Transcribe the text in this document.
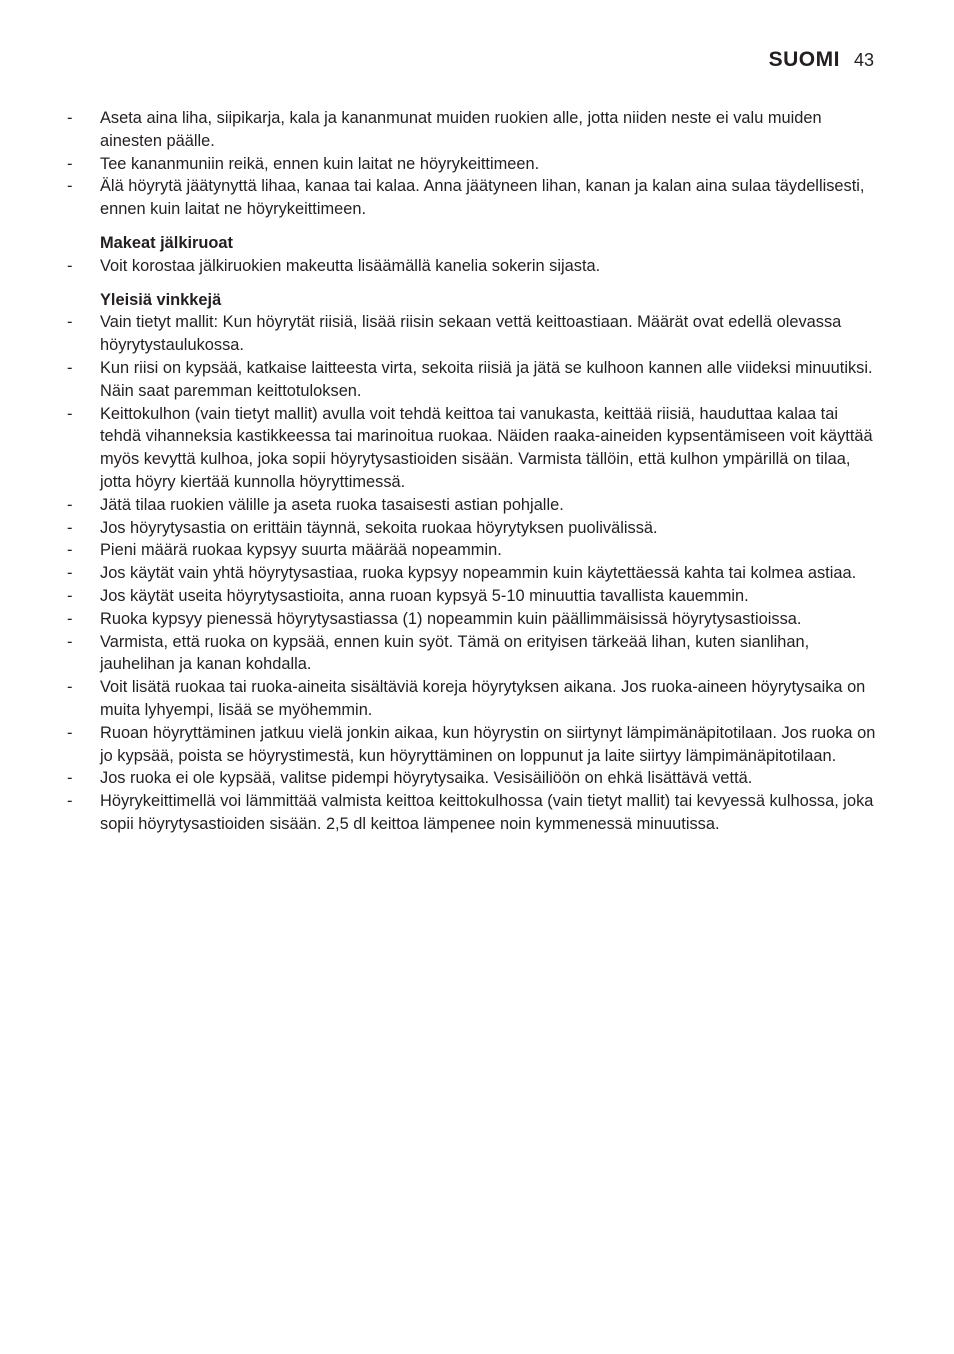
SUOMI 43
- Aseta aina liha, siipikarja, kala ja kananmunat muiden ruokien alle, jotta niiden neste ei valu muiden ainesten päälle.
- Tee kananmuniin reikä, ennen kuin laitat ne höyrykeittimeen.
- Älä höyrytä jäätynyttä lihaa, kanaa tai kalaa. Anna jäätyneen lihan, kanan ja kalan aina sulaa täydellisesti, ennen kuin laitat ne höyrykeittimeen.
Makeat jälkiruoat
- Voit korostaa jälkiruokien makeutta lisäämällä kanelia sokerin sijasta.
Yleisiä vinkkejä
- Vain tietyt mallit: Kun höyrytät riisiä, lisää riisin sekaan vettä keittoastiaan. Määrät ovat edellä olevassa höyrytystaulukossa.
- Kun riisi on kypsää, katkaise laitteesta virta, sekoita riisiä ja jätä se kulhoon kannen alle viideksi minuutiksi. Näin saat paremman keittotuloksen.
- Keittokulhon (vain tietyt mallit) avulla voit tehdä keittoa tai vanukasta, keittää riisiä, hauduttaa kalaa tai tehdä vihanneksia kastikkeessa tai marinoitua ruokaa. Näiden raaka-aineiden kypsentämiseen voit käyttää myös kevyttä kulhoa, joka sopii höyrytysastioiden sisään. Varmista tällöin, että kulhon ympärillä on tilaa, jotta höyry kiertää kunnolla höyryttimessä.
- Jätä tilaa ruokien välille ja aseta ruoka tasaisesti astian pohjalle.
- Jos höyrytysastia on erittäin täynnä, sekoita ruokaa höyrytyksen puolivälissä.
- Pieni määrä ruokaa kypsyy suurta määrää nopeammin.
- Jos käytät vain yhtä höyrytysastiaa, ruoka kypsyy nopeammin kuin käytettäessä kahta tai kolmea astiaa.
- Jos käytät useita höyrytysastioita, anna ruoan kypsyä 5-10 minuuttia tavallista kauemmin.
- Ruoka kypsyy pienessä höyrytysastiassa (1) nopeammin kuin päällimmäisissä höyrytysastioissa.
- Varmista, että ruoka on kypsää, ennen kuin syöt. Tämä on erityisen tärkeää lihan, kuten sianlihan, jauhelihan ja kanan kohdalla.
- Voit lisätä ruokaa tai ruoka-aineita sisältäviä koreja höyrytyksen aikana. Jos ruoka-aineen höyrytysaika on muita lyhyempi, lisää se myöhemmin.
- Ruoan höyryttäminen jatkuu vielä jonkin aikaa, kun höyrystin on siirtynyt lämpimänäpitotilaan. Jos ruoka on jo kypsää, poista se höyrystimestä, kun höyryttäminen on loppunut ja laite siirtyy lämpimänäpitotilaan.
- Jos ruoka ei ole kypsää, valitse pidempi höyrytysaika. Vesisäiliöön on ehkä lisättävä vettä.
- Höyrykeittimellä voi lämmittää valmista keittoa keittokulhossa (vain tietyt mallit) tai kevyessä kulhossa, joka sopii höyrytysastioiden sisään. 2,5 dl keittoa lämpenee noin kymmenessä minuutissa.
